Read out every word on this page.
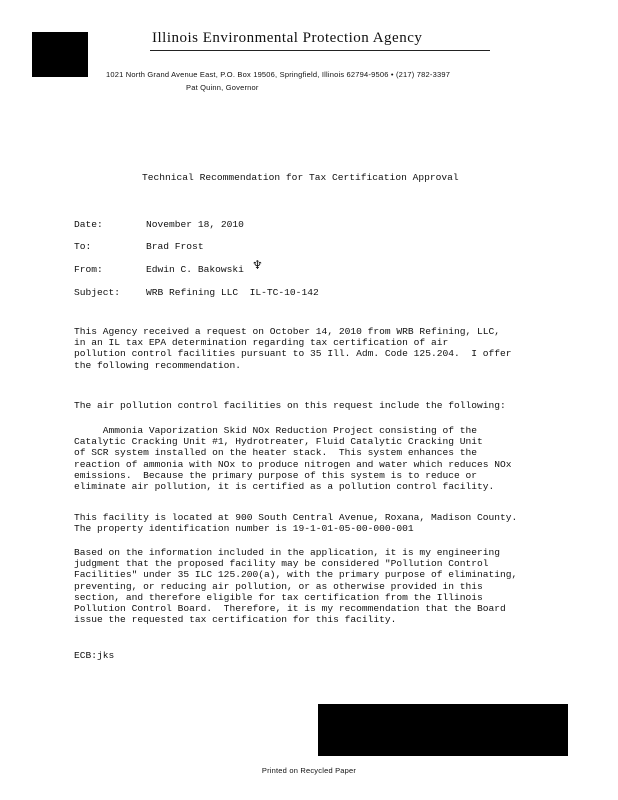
Illinois Environmental Protection Agency
1021 North Grand Avenue East, P.O. Box 19506, Springfield, Illinois 62794-9506 • (217) 782-3397
Pat Quinn, Governor
Technical Recommendation for Tax Certification Approval
Date:	November 18, 2010
To:	Brad Frost
From:	Edwin C. Bakowski ♆
Subject:	WRB Refining LLC  IL-TC-10-142
This Agency received a request on October 14, 2010 from WRB Refining, LLC,
in an IL tax EPA determination regarding tax certification of air
pollution control facilities pursuant to 35 Ill. Adm. Code 125.204.  I offer
the following recommendation.
The air pollution control facilities on this request include the following:
Ammonia Vaporization Skid NOx Reduction Project consisting of the
Catalytic Cracking Unit #1, Hydrotreater, Fluid Catalytic Cracking Unit
of SCR system installed on the heater stack.  This system enhances the
reaction of ammonia with NOx to produce nitrogen and water which reduces NOx
emissions.  Because the primary purpose of this system is to reduce or
eliminate air pollution, it is certified as a pollution control facility.
This facility is located at 900 South Central Avenue, Roxana, Madison County.
The property identification number is 19-1-01-05-00-000-001
Based on the information included in the application, it is my engineering
judgment that the proposed facility may be considered "Pollution Control
Facilities" under 35 ILC 125.200(a), with the primary purpose of eliminating,
preventing, or reducing air pollution, or as otherwise provided in this
section, and therefore eligible for tax certification from the Illinois
Pollution Control Board.  Therefore, it is my recommendation that the Board
issue the requested tax certification for this facility.
ECB:jks
Printed on Recycled Paper
